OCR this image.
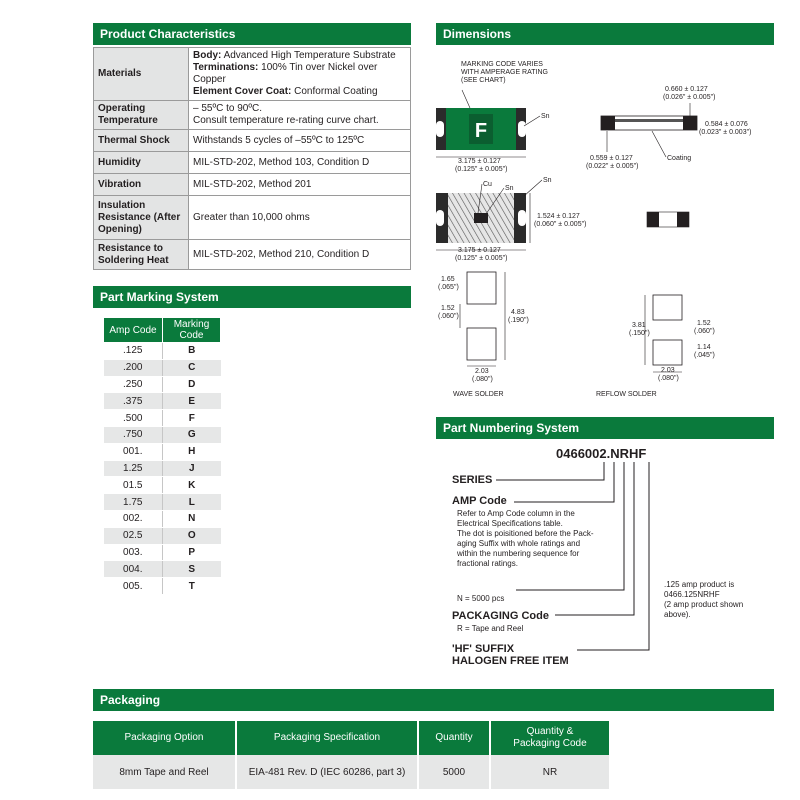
Product Characteristics
Materials	Body: Advanced High Temperature Substrate
Terminations: 100% Tin over Nickel over Copper
Element Cover Coat: Conformal Coating

Operating Temperature	– 55ºC to 90ºC.
Consult temperature re-rating curve chart.

Thermal Shock	Withstands 5 cycles of –55ºC to 125ºC
Humidity	MIL-STD-202, Method 103, Condition D
Vibration	MIL-STD-202, Method 201
Insulation Resistance (After Opening)	Greater than 10,000 ohms
Resistance to Soldering Heat	MIL-STD-202, Method 210, Condition D
Part Marking System
Amp Code	Marking Code
.125	B
.200	C
.250	D
.375	E
.500	F
.750	G
001.	H
1.25	J
01.5	K
1.75	L
002.	N
02.5	O
003.	P
004.	S
005.	T
Dimensions
MARKING CODE VARIES WITH AMPERAGE RATING (SEE CHART)
F
Sn
3.175 ± 0.127 (0.125" ± 0.005")
0.660 ± 0.127 (0.026" ± 0.005")
0.584 ± 0.076 (0.023" ± 0.003")
0.559 ± 0.127 (0.022" ± 0.005")
Coating
Cu
Sn
Sn
1.524 ± 0.127 (0.060" ± 0.005")
3.175 ± 0.127 (0.125" ± 0.005")
1.65 (.065")
1.52 (.060")
4.83 (.190")
2.03 (.080")
WAVE SOLDER
3.81 (.150")
1.52 (.060")
1.14 (.045")
2.03 (.080")
REFLOW SOLDER
Part Numbering System
0466002.NRHF
SERIES
AMP Code
Refer to Amp Code column in the
Electrical Specifications table.
The dot is poisitioned before the Pack-
aging Suffix with whole ratings and
within the numbering sequence for
fractional ratings.
N = 5000 pcs
PACKAGING Code
R = Tape and Reel
'HF' SUFFIX
HALOGEN FREE ITEM
.125 amp product is
0466.125NRHF
(2 amp product shown
above).
Packaging
Packaging Option	Packaging Specification	Quantity	Quantity & Packaging Code
8mm Tape and Reel	EIA-481 Rev. D (IEC 60286, part 3)	5000	NR
